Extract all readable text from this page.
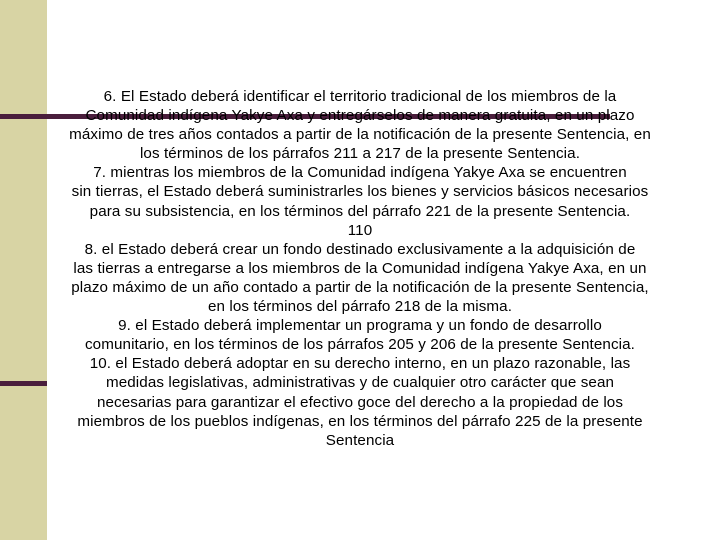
6. El Estado deberá identificar el territorio tradicional de los miembros de la

Comunidad indígena Yakye Axa y entregárselos de manera gratuita, en un plazo

máximo de tres años contados a partir de la notificación de la presente Sentencia, en

los términos de los párrafos 211 a 217 de la presente Sentencia.

7. mientras los miembros de la Comunidad indígena Yakye Axa se encuentren

sin tierras, el Estado deberá suministrarles los bienes y servicios básicos necesarios

para su subsistencia, en los términos del párrafo 221 de la presente Sentencia.

110

8. el Estado deberá crear un fondo destinado exclusivamente a la adquisición de

las tierras a entregarse a los miembros de la Comunidad indígena Yakye Axa, en un

plazo máximo de un año contado a partir de la notificación de la presente Sentencia,

en los términos del párrafo 218 de la misma.

9. el Estado deberá implementar un programa y un fondo de desarrollo

comunitario, en los términos de los párrafos 205 y 206 de la presente Sentencia.

10. el Estado deberá adoptar en su derecho interno, en un plazo razonable, las

medidas legislativas, administrativas y de cualquier otro carácter que sean

necesarias para garantizar el efectivo goce del derecho a la propiedad de los

miembros de los pueblos indígenas, en los términos del párrafo 225 de la presente

Sentencia
